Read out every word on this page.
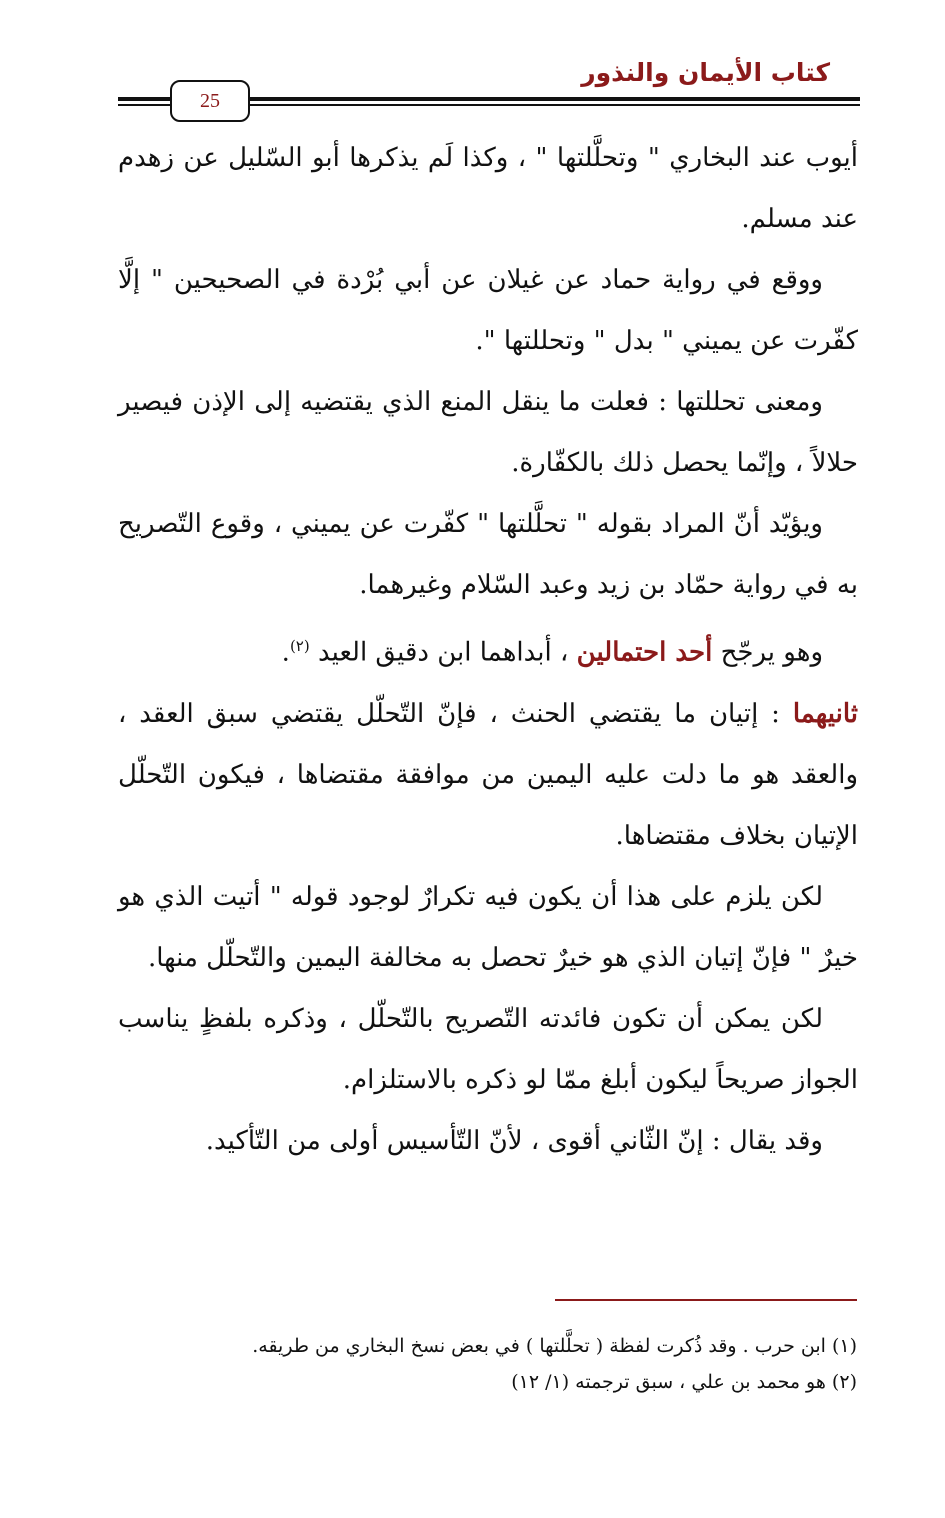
كتاب الأيمان والنذور
25

أيوب عند البخاري " وتحلَّلتها " ، وكذا لَم يذكرها أبو السّليل عن زهدم عند مسلم.

ووقع في رواية حماد عن غيلان عن أبي بُرْدة في الصحيحين " إلَّا كفّرت عن يميني " بدل " وتحللتها ".

ومعنى تحللتها : فعلت ما ينقل المنع الذي يقتضيه إلى الإذن فيصير حلالاً ، وإنّما يحصل ذلك بالكفّارة.

ويؤيّد أنّ المراد بقوله " تحلَّلتها " كفّرت عن يميني ، وقوع التّصريح به في رواية حمّاد بن زيد وعبد السّلام وغيرهما.

وهو يرجّح أحد احتمالين ، أبداهما ابن دقيق العيد $^{(٢)}$.

ثانيهما : إتيان ما يقتضي الحنث ، فإنّ التّحلّل يقتضي سبق العقد ، والعقد هو ما دلت عليه اليمين من موافقة مقتضاها ، فيكون التّحلّل الإتيان بخلاف مقتضاها.

لكن يلزم على هذا أن يكون فيه تكرارٌ لوجود قوله " أتيت الذي هو خيرٌ " فإنّ إتيان الذي هو خيرٌ تحصل به مخالفة اليمين والتّحلّل منها.

لكن يمكن أن تكون فائدته التّصريح بالتّحلّل ، وذكره بلفظٍ يناسب الجواز صريحاً ليكون أبلغ ممّا لو ذكره بالاستلزام.

وقد يقال : إنّ الثّاني أقوى ، لأنّ التّأسيس أولى من التّأكيد.

(١) ابن حرب . وقد ذُكرت لفظة ( تحلَّلتها ) في بعض نسخ البخاري من طريقه.
(٢) هو محمد بن علي ، سبق ترجمته (١/ ١٢)
